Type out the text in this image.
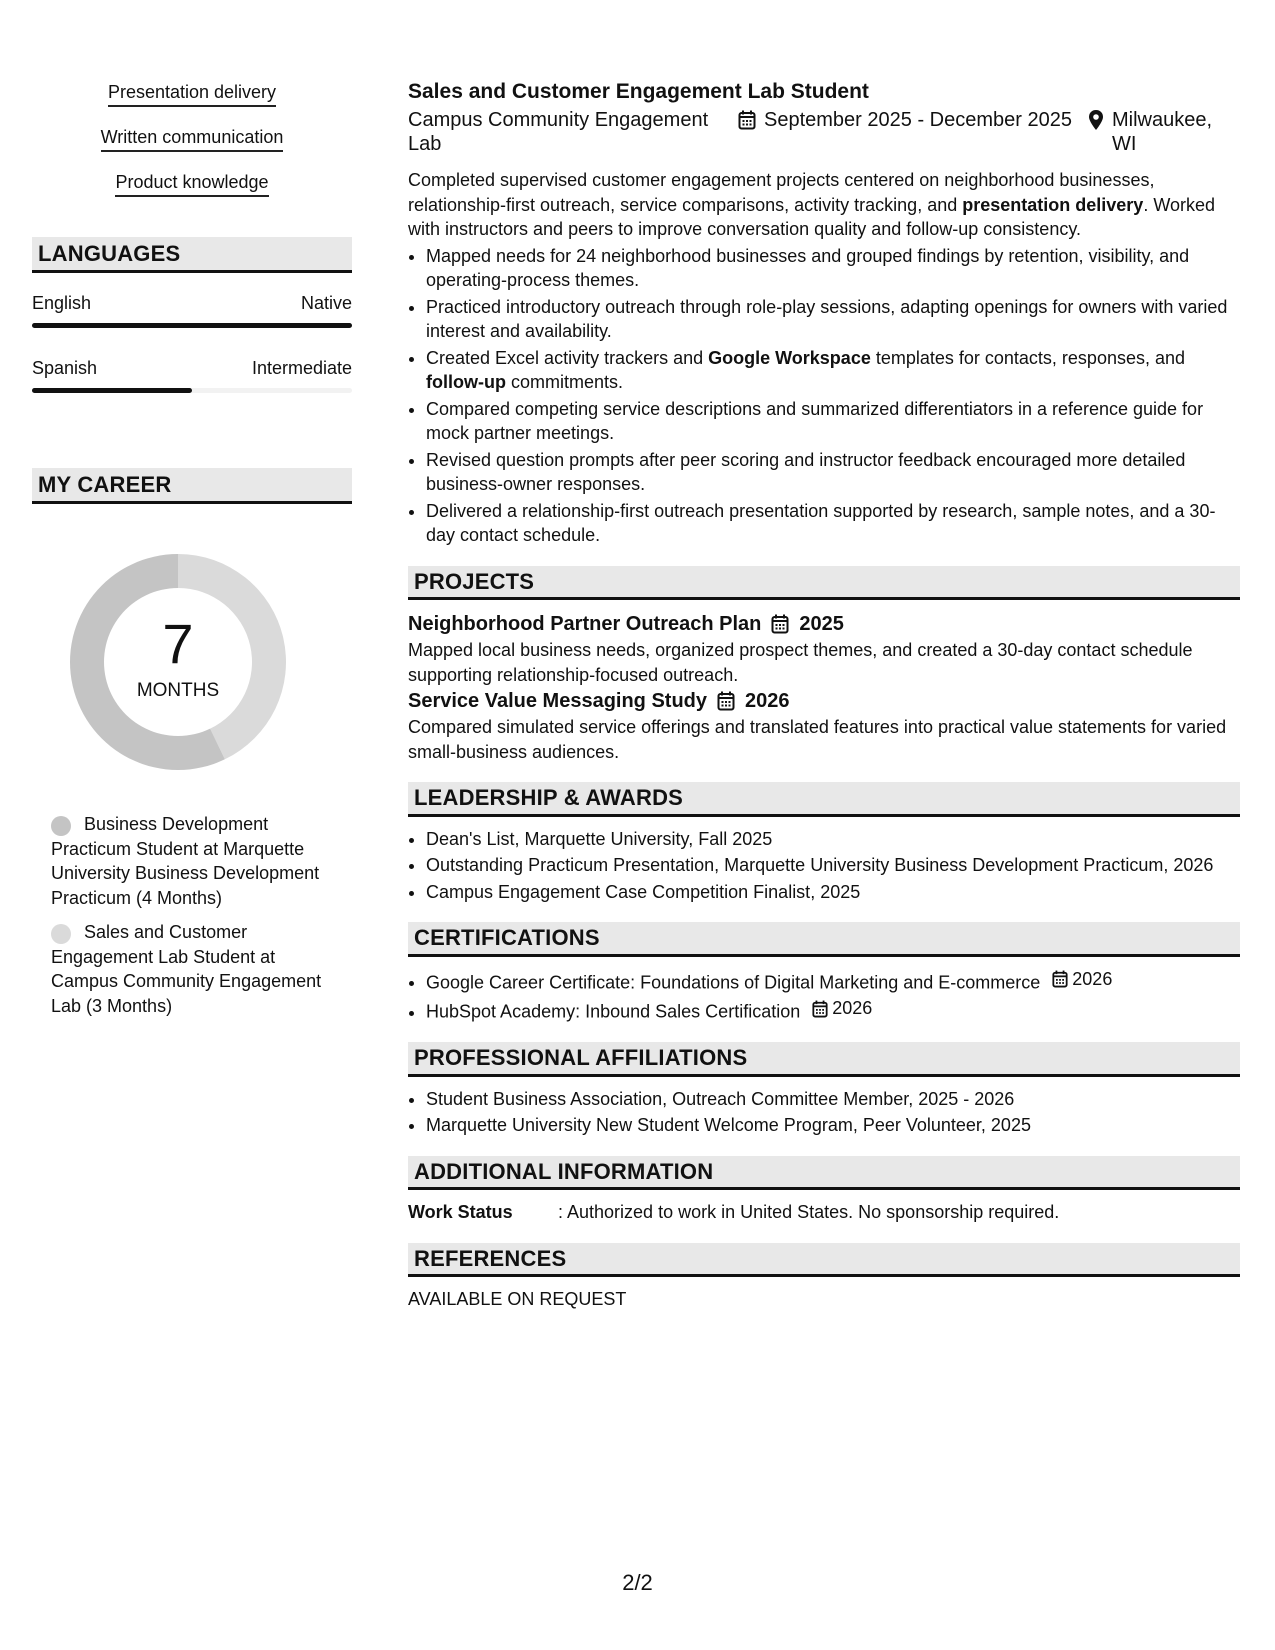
Presentation delivery
Written communication
Product knowledge
LANGUAGES
English	Native
Spanish	Intermediate
MY CAREER
7
MONTHS
Business Development Practicum Student at Marquette University Business Development Practicum (4 Months)
Sales and Customer Engagement Lab Student at Campus Community Engagement Lab (3 Months)
Sales and Customer Engagement Lab Student
Campus Community Engagement Lab
September 2025 - December 2025 Milwaukee, WI

Completed supervised customer engagement projects centered on neighborhood businesses, relationship-first outreach, service comparisons, activity tracking, and presentation delivery. Worked with instructors and peers to improve conversation quality and follow-up consistency.

• Mapped needs for 24 neighborhood businesses and grouped findings by retention, visibility, and operating-process themes.
• Practiced introductory outreach through role-play sessions, adapting openings for owners with varied interest and availability.
• Created Excel activity trackers and Google Workspace templates for contacts, responses, and follow-up commitments.
• Compared competing service descriptions and summarized differentiators in a reference guide for mock partner meetings.
• Revised question prompts after peer scoring and instructor feedback encouraged more detailed business-owner responses.
• Delivered a relationship-first outreach presentation supported by research, sample notes, and a 30-day contact schedule.
PROJECTS
Neighborhood Partner Outreach Plan 2025

Mapped local business needs, organized prospect themes, and created a 30-day contact schedule supporting relationship-focused outreach.

Service Value Messaging Study 2026

Compared simulated service offerings and translated features into practical value statements for varied small-business audiences.

LEADERSHIP & AWARDS
• Dean's List, Marquette University, Fall 2025
• Outstanding Practicum Presentation, Marquette University Business Development Practicum, 2026
• Campus Engagement Case Competition Finalist, 2025
CERTIFICATIONS
• Google Career Certificate: Foundations of Digital Marketing and E-commerce 2026
• HubSpot Academy: Inbound Sales Certification 2026
PROFESSIONAL AFFILIATIONS
• Student Business Association, Outreach Committee Member, 2025 - 2026
• Marquette University New Student Welcome Program, Peer Volunteer, 2025
ADDITIONAL INFORMATION
Work Status	: Authorized to work in United States. No sponsorship required.
REFERENCES

AVAILABLE ON REQUEST

2/2
